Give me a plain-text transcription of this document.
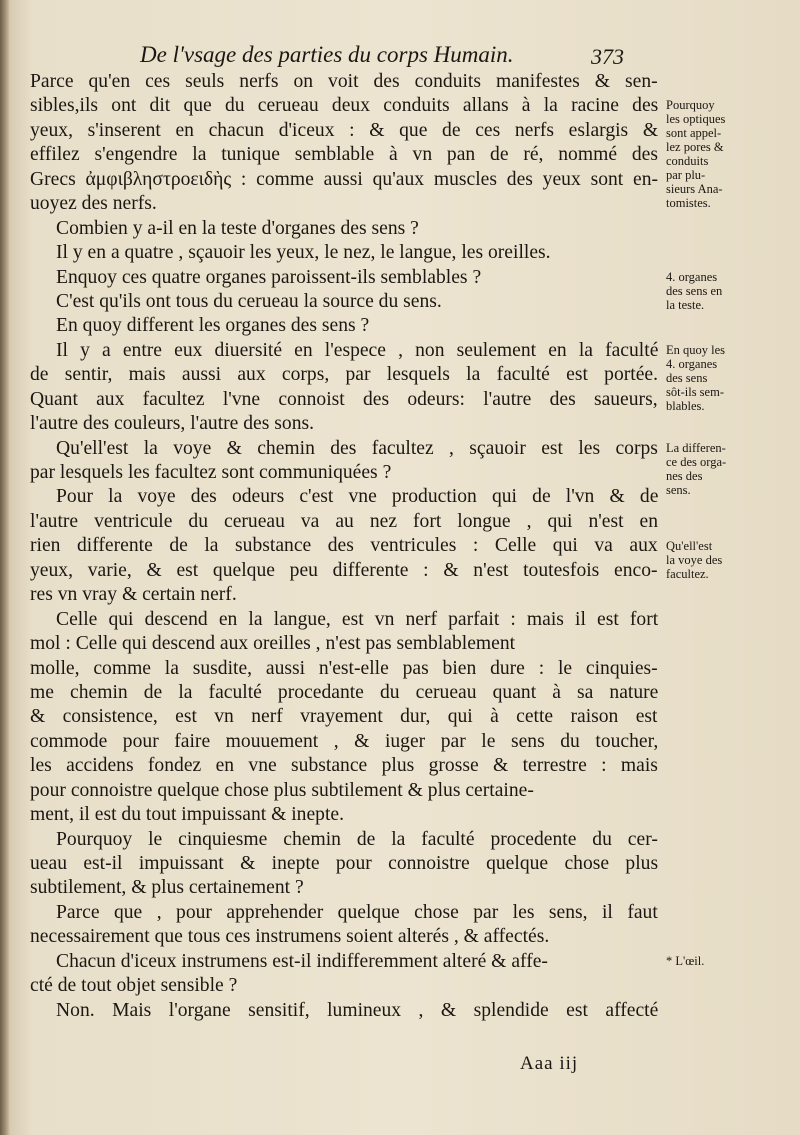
De l'vsage des parties du corps Humain.	373
Parce qu'en ces seuls nerfs on voit des conduits manifestes & sen-
sibles,ils ont dit que du cerueau deux conduits allans à la racine des
yeux, s'inserent en chacun d'iceux : & que de ces nerfs eslargis &
effilez s'engendre la tunique semblable à vn pan de ré, nommé des
Grecs ἀμφιβληστροειδὴς : comme aussi qu'aux muscles des yeux sont en-
uoyez des nerfs.
Combien y a-il en la teste d'organes des sens ?
Il y en a quatre , sçauoir les yeux, le nez, le langue, les oreilles.
Enquoy ces quatre organes paroissent-ils semblables ?
C'est qu'ils ont tous du cerueau la source du sens.
En quoy different les organes des sens ?
Il y a entre eux diuersité en l'espece , non seulement en la faculté
de sentir, mais aussi aux corps, par lesquels la faculté est portée.
Quant aux facultez l'vne connoist des odeurs: l'autre des saueurs,
l'autre des couleurs, l'autre des sons.
Qu'ell'est la voye & chemin des facultez , sçauoir est les corps
par lesquels les facultez sont communiquées ?
Pour la voye des odeurs c'est vne production qui de l'vn & de
l'autre ventricule du cerueau va au nez fort longue , qui n'est en
rien differente de la substance des ventricules : Celle qui va aux
yeux, varie, & est quelque peu differente : & n'est toutesfois enco-
res vn vray & certain nerf.
Celle qui descend en la langue, est vn nerf parfait : mais il est fort
mol : Celle qui descend aux oreilles , n'est pas semblablement
molle, comme la susdite, aussi n'est-elle pas bien dure : le cinquies-
me chemin de la faculté procedante du cerueau quant à sa nature
& consistence, est vn nerf vrayement dur, qui à cette raison est
commode pour faire mouuement , & iuger par le sens du toucher,
les accidens fondez en vne substance plus grosse & terrestre : mais
pour connoistre quelque chose plus subtilement & plus certaine-
ment, il est du tout impuissant & inepte.
Pourquoy le cinquiesme chemin de la faculté procedente du cer-
ueau est-il impuissant & inepte pour connoistre quelque chose plus
subtilement, & plus certainement ?
Parce que , pour apprehender quelque chose par les sens, il faut
necessairement que tous ces instrumens soient alterés , & affectés.
Chacun d'iceux instrumens est-il indifferemment alteré & affe-
cté de tout objet sensible ?
Non. Mais l'organe sensitif, lumineux , & splendide est affecté
Pourquoy
les optiques
sont appel-
lez pores &
conduits
par plu-
sieurs Ana-
tomistes.
4. organes
des sens en
la teste.
En quoy les
4. organes
des sens
sôt-ils sem-
blables.
La differen-
ce des orga-
nes des
sens.
Qu'ell'est
la voye des
facultez.
* L'œil.
Aaa iij
